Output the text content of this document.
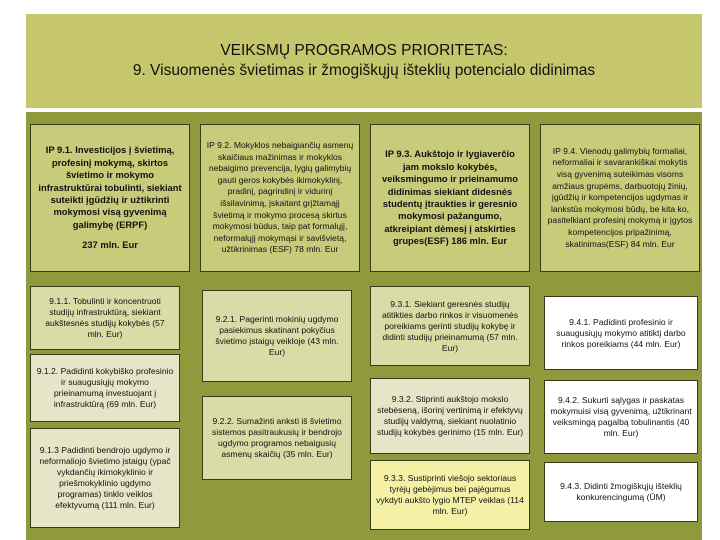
VEIKSMŲ PROGRAMOS PRIORITETAS:
9. Visuomenės švietimas ir žmogiškųjų išteklių potencialo didinimas
IP 9.1. Investicijos į švietimą, profesinį mokymą, skirtos švietimo ir mokymo infrastruktūrai tobulinti, siekiant suteikti įgūdžių ir užtikrinti mokymosi visą gyvenimą galimybę (ERPF)
237 mln. Eur
IP 9.2. Mokyklos nebaigiančių asmenų skaičiaus mažinimas ir mokyklos nebaigimo prevencija, lygių galimybių gauti geros kokybės ikimokyklinį, pradinį, pagrindinį ir vidurinį išsilavinimą, įskaitant grįžtamąjį švietimą ir mokymo procesą skirtus mokymosi būdus, taip pat formalųjį, neformalųjį mokymąsi ir savišvietą, užtikrinimas (ESF) 78 mln. Eur
IP 9.3. Aukštojo ir lygiaverčio jam mokslo kokybės, veiksmingumo ir prieinamumo didinimas siekiant didesnės studentų įtraukties ir geresnio mokymosi pažangumo, atkreipiant dėmesį į atskirties grupes(ESF) 186 mln. Eur
IP 9.4. Vienodų galimybių formaliai, neformaliai ir savarankiškai mokytis visą gyvenimą suteikimas visoms amžiaus grupėms, darbuotojų žinių, įgūdžių ir kompetencijos ugdymas ir lankstūs mokymosi būdų, be kita ko, pasitelkiant profesinį mokymą ir įgytos kompetencijos pripažinimą, skatinimas(ESF) 84 mln. Eur
9.1.1. Tobulinti ir koncentruoti studijų infrastruktūrą, siekiant aukštesnės studijų kokybės (57 mln. Eur)
9.1.2. Padidinti kokybiško profesinio ir suaugusiųjų mokymo prieinamumą investuojant į infrastruktūrą (69 mln. Eur)
9.1.3 Padidinti bendrojo ugdymo ir neformaliojo švietimo įstaigų (ypač vykdančių ikimokyklinio ir priešmokyklinio ugdymo programas) tinklo veiklos efektyvumą (111 mln. Eur)
9.2.1. Pagerinti mokinių ugdymo pasiekimus skatinant pokyčius švietimo įstaigų veikloje (43 mln. Eur)
9.2.2. Sumažinti anksti iš švietimo sistemos pasitraukusių ir bendrojo ugdymo programos nebaigusių asmenų skaičių (35 mln. Eur)
9.3.1. Siekiant geresnės studijų atitikties darbo rinkos ir visuomenės poreikiams gerinti studijų kokybę ir didinti studijų prieinamumą (57 mln. Eur)
9.3.2. Stiprinti aukštojo mokslo stebėseną, išorinį vertinimą ir efektyvų studijų valdymą, siekiant nuolatinio studijų kokybės gerinimo (15 mln. Eur)
9.3.3. Sustiprinti viešojo sektoriaus tyrėjų gebėjimus bei pajėgumus vykdyti aukšto lygio MTEP veiklas (114 mln. Eur)
9.4.1. Padidinti profesinio ir suaugusiųjų mokymo atitiktį darbo rinkos poreikiams (44 mln. Eur)
9.4.2. Sukurti sąlygas ir paskatas mokymuisi visą gyvenimą, užtikrinant veiksmingą pagalbą tobulinantis (40 mln. Eur)
9.4.3. Didinti žmogiškųjų išteklių konkurencingumą (ŪM)
